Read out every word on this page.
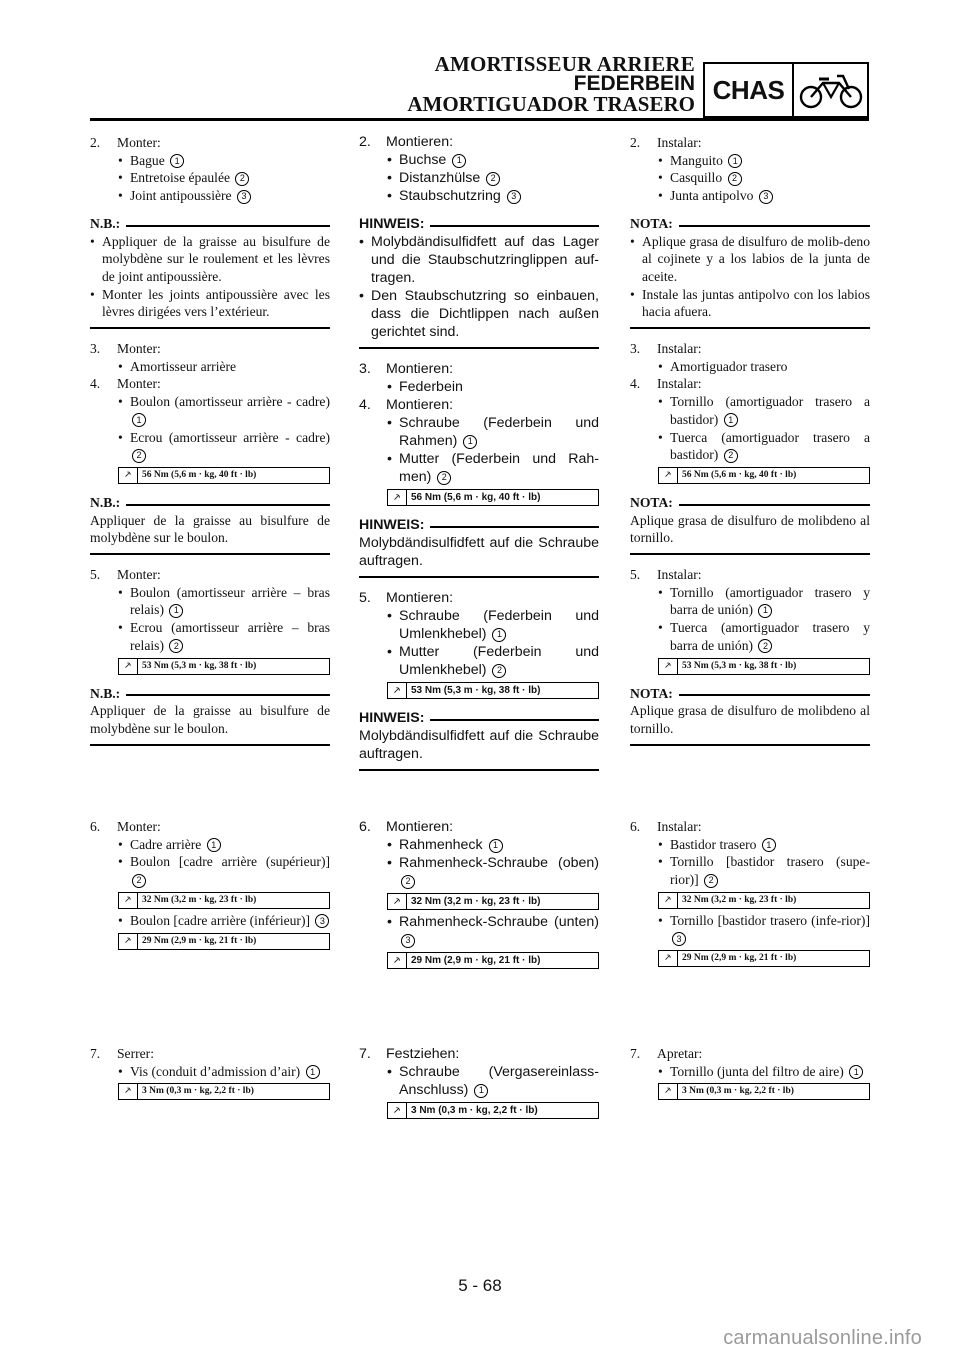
AMORTISSEUR ARRIERE
FEDERBEIN
AMORTIGUADOR TRASERO CHAS
2.	Monter:
• Bague 1
• Entretoise épaulée 2
• Joint antipoussière 3
N.B.:
• Appliquer de la graisse au bisulfure de molybdène sur le roulement et les lèvres de joint antipoussière.
• Monter les joints antipoussière avec les lèvres dirigées vers l’extérieur.
3.	Monter:
• Amortisseur arrière
4.	Monter:
• Boulon (amortisseur arrière - cadre) 1
• Ecrou (amortisseur arrière - cadre) 2
⸕	56 Nm (5,6 m · kg, 40 ft · lb)
N.B.:
Appliquer de la graisse au bisulfure de molybdène sur le boulon.
5.	Monter:
• Boulon (amortisseur arrière – bras relais) 1
• Ecrou (amortisseur arrière – bras relais) 2
⸕	53 Nm (5,3 m · kg, 38 ft · lb)
N.B.:
Appliquer de la graisse au bisulfure de molybdène sur le boulon.
6.	Monter:
• Cadre arrière 1
• Boulon [cadre arrière (supérieur)] 2
⸕	32 Nm (3,2 m · kg, 23 ft · lb)
• Boulon [cadre arrière (inférieur)] 3
⸕	29 Nm (2,9 m · kg, 21 ft · lb)
7.	Serrer:
• Vis (conduit d’admission d’air) 1
⸕	3 Nm (0,3 m · kg, 2,2 ft · lb)
2.	Montieren:
• Buchse 1
• Distanzhülse 2
• Staubschutzring 3
HINWEIS:
• Molybdändisulfidfett auf das Lager und die Staubschutzringlippen auf-tragen.
• Den Staubschutzring so einbauen, dass die Dichtlippen nach außen gerichtet sind.
3.	Montieren:
• Federbein
4.	Montieren:
• Schraube (Federbein und Rahmen) 1
• Mutter (Federbein und Rah-men) 2
⸕	56 Nm (5,6 m · kg, 40 ft · lb)
HINWEIS:
Molybdändisulfidfett auf die Schraube auftragen.
5.	Montieren:
• Schraube (Federbein und Umlenkhebel) 1
• Mutter (Federbein und Umlenkhebel) 2
⸕	53 Nm (5,3 m · kg, 38 ft · lb)
HINWEIS:
Molybdändisulfidfett auf die Schraube auftragen.
6.	Montieren:
• Rahmenheck 1
• Rahmenheck-Schraube (oben) 2
⸕	32 Nm (3,2 m · kg, 23 ft · lb)
• Rahmenheck-Schraube (unten) 3
⸕	29 Nm (2,9 m · kg, 21 ft · lb)
7.	Festziehen:
• Schraube (Vergasereinlass-Anschluss) 1
⸕	3 Nm (0,3 m · kg, 2,2 ft · lb)
2.	Instalar:
• Manguito 1
• Casquillo 2
• Junta antipolvo 3
NOTA:
• Aplique grasa de disulfuro de molib-deno al cojinete y a los labios de la junta de aceite.
• Instale las juntas antipolvo con los labios hacia afuera.
3.	Instalar:
• Amortiguador trasero
4.	Instalar:
• Tornillo (amortiguador trasero a bastidor) 1
• Tuerca (amortiguador trasero a bastidor) 2
⸕	56 Nm (5,6 m · kg, 40 ft · lb)
NOTA:
Aplique grasa de disulfuro de molibdeno al tornillo.
5.	Instalar:
• Tornillo (amortiguador trasero y barra de unión) 1
• Tuerca (amortiguador trasero y barra de unión) 2
⸕	53 Nm (5,3 m · kg, 38 ft · lb)
NOTA:
Aplique grasa de disulfuro de molibdeno al tornillo.
6.	Instalar:
• Bastidor trasero 1
• Tornillo [bastidor trasero (supe-rior)] 2
⸕	32 Nm (3,2 m · kg, 23 ft · lb)
• Tornillo [bastidor trasero (infe-rior)] 3
⸕	29 Nm (2,9 m · kg, 21 ft · lb)
7.	Apretar:
• Tornillo (junta del filtro de aire) 1
⸕	3 Nm (0,3 m · kg, 2,2 ft · lb)
5 - 68
carmanualsonline.info
